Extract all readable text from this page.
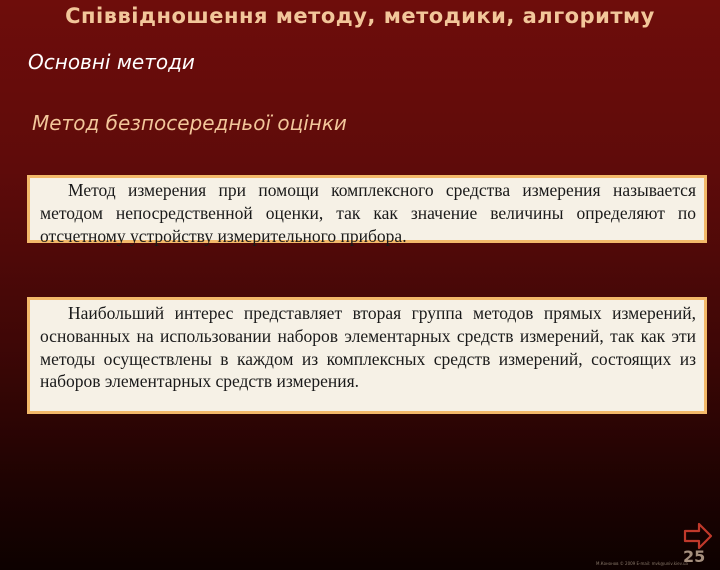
Співвідношення методу, методики, алгоритму
Основні методи
Метод безпосередньої оцінки

Метод измерения при помощи комплексного средства измерения называется методом непосредственной оценки, так как значение величины определяют по отсчетному устройству измерительного прибора.

Наибольший интерес представляет вторая группа методов прямых измерений, основанных на использовании наборов элементарных средств измерений, так как эти методы осуществлены в каждом из комплексных средств измерений, состоящих из наборов элементарных средств измерения.

25
М.Кононов © 2009 E-mail: mvk@univ.kiev.ua
